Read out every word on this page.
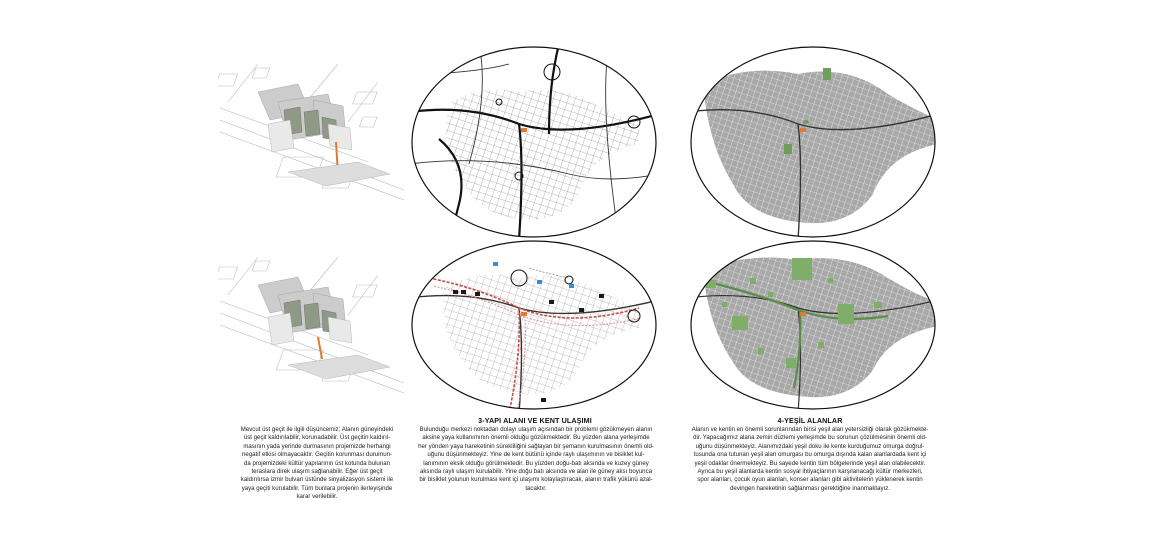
3-YAPI ALANI VE KENT ULAŞIMI	4-YEŞİL ALANLAR

Mevcut üst geçit ile ilgili düşüncemiz; Alanın güneyindeki

üst geçit kaldırılabilir, korunadabilir. Üst geçitin kaldırıl-

masının yada yerinde durmasının projemizde herhangi

negatif etkisi olmayacaktır. Geçitin korunması durumun-

da projemizdeki kültür yapılarının üst kotunda bulunan

teraslara direk ulaşım sağlanabilir. Eğer üst geçit

kaldırılırsa izmir bulvarı üstünde sinyalizasyon sistemi ile

yaya geçiti kurulabilir. Tüm bunlara projenin ilerleyişinde

karar verilebilir.

Bulunduğu merkezi noktadan dolayı ulaşım açısından bir problemi gözükmeyen alanın

aksine yaya kullanımının önemli olduğu gözükmektedir. Bu yüzden alana yerleşimde

her yönden yaya hareketinin sürekliliğini sağlayan bir şemanın kurulmasının önemli old-

uğunu düşünmekteyiz. Yine de kent bütünü içinde raylı ulaşımının ve bisiklet kul-

lanımının eksik olduğu görülmektedir. Bu yüzden doğu-batı aksında ve kuzey güney

aksında raylı ulaşım kurulabilir. Yine doğu batı aksında ve alan ile güney aksı boyunca

bir bisiklet yolunun kurulması kent içi ulaşımı kolaylaştıracak, alanın trafik yükünü azal-

tacaktır.

Alanın ve kentin en önemli sorunlarından birisi yeşil alan yetersizliği olarak gözükmekte-

dir. Yapacağımız alana zemin düzlemi yerleşimde bu sorunun çözülmesinin önemli old-

uğunu düşünmekteyiz. Alanımızdaki yeşil doku ile kente kurduğumuz omurga doğrul-

tusunda ona tutunan yeşil alan omurgası bu omurga dışında kalan alanlardada kent içi

yeşil odaklar önermekteyiz. Bu sayede kentin tüm bölgelerinde yeşil alan olabilecektir.

Ayrıca bu yeşil alanlarda kentin sosyal ihtiyaçlarının karşılanacağı kültür merkezleri,

spor alanları, çocuk oyun alanları, konser alanları gibi aktivitelerin yüklenerek kentin

devingen hareketinin sağlanması gerektiğine inanmaktayız.
